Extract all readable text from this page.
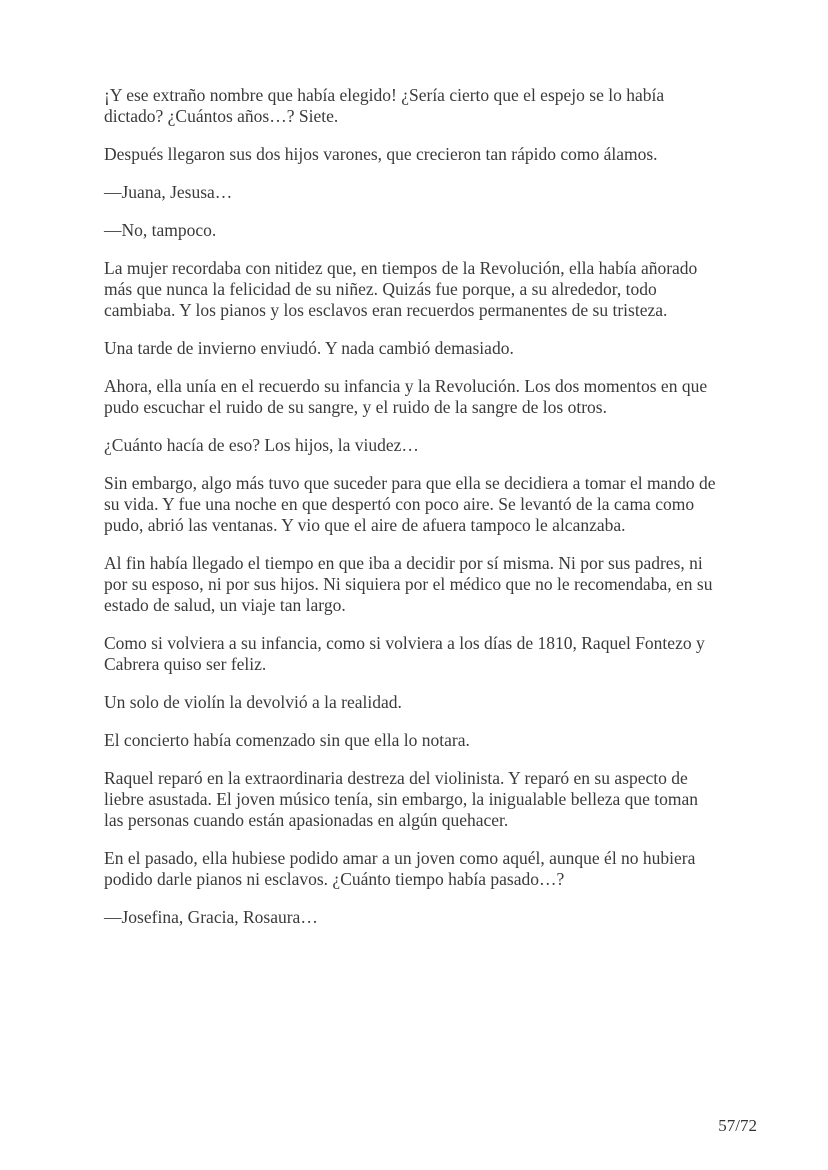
¡Y ese extraño nombre que había elegido! ¿Sería cierto que el espejo se lo había dictado? ¿Cuántos años…? Siete.

Después llegaron sus dos hijos varones, que crecieron tan rápido como álamos.

—Juana, Jesusa…

—No, tampoco.

La mujer recordaba con nitidez que, en tiempos de la Revolución, ella había añorado más que nunca la felicidad de su niñez. Quizás fue porque, a su alrededor, todo cambiaba. Y los pianos y los esclavos eran recuerdos permanentes de su tristeza.

Una tarde de invierno enviudó. Y nada cambió demasiado.

Ahora, ella unía en el recuerdo su infancia y la Revolución. Los dos momentos en que pudo escuchar el ruido de su sangre, y el ruido de la sangre de los otros.

¿Cuánto hacía de eso? Los hijos, la viudez…

Sin embargo, algo más tuvo que suceder para que ella se decidiera a tomar el mando de su vida. Y fue una noche en que despertó con poco aire. Se levantó de la cama como pudo, abrió las ventanas. Y vio que el aire de afuera tampoco le alcanzaba.

Al fin había llegado el tiempo en que iba a decidir por sí misma. Ni por sus padres, ni por su esposo, ni por sus hijos. Ni siquiera por el médico que no le recomendaba, en su estado de salud, un viaje tan largo.

Como si volviera a su infancia, como si volviera a los días de 1810, Raquel Fontezo y Cabrera quiso ser feliz.

Un solo de violín la devolvió a la realidad.

El concierto había comenzado sin que ella lo notara.

Raquel reparó en la extraordinaria destreza del violinista. Y reparó en su aspecto de liebre asustada. El joven músico tenía, sin embargo, la inigualable belleza que toman las personas cuando están apasionadas en algún quehacer.

En el pasado, ella hubiese podido amar a un joven como aquél, aunque él no hubiera podido darle pianos ni esclavos. ¿Cuánto tiempo había pasado…?

—Josefina, Gracia, Rosaura…

57/72
